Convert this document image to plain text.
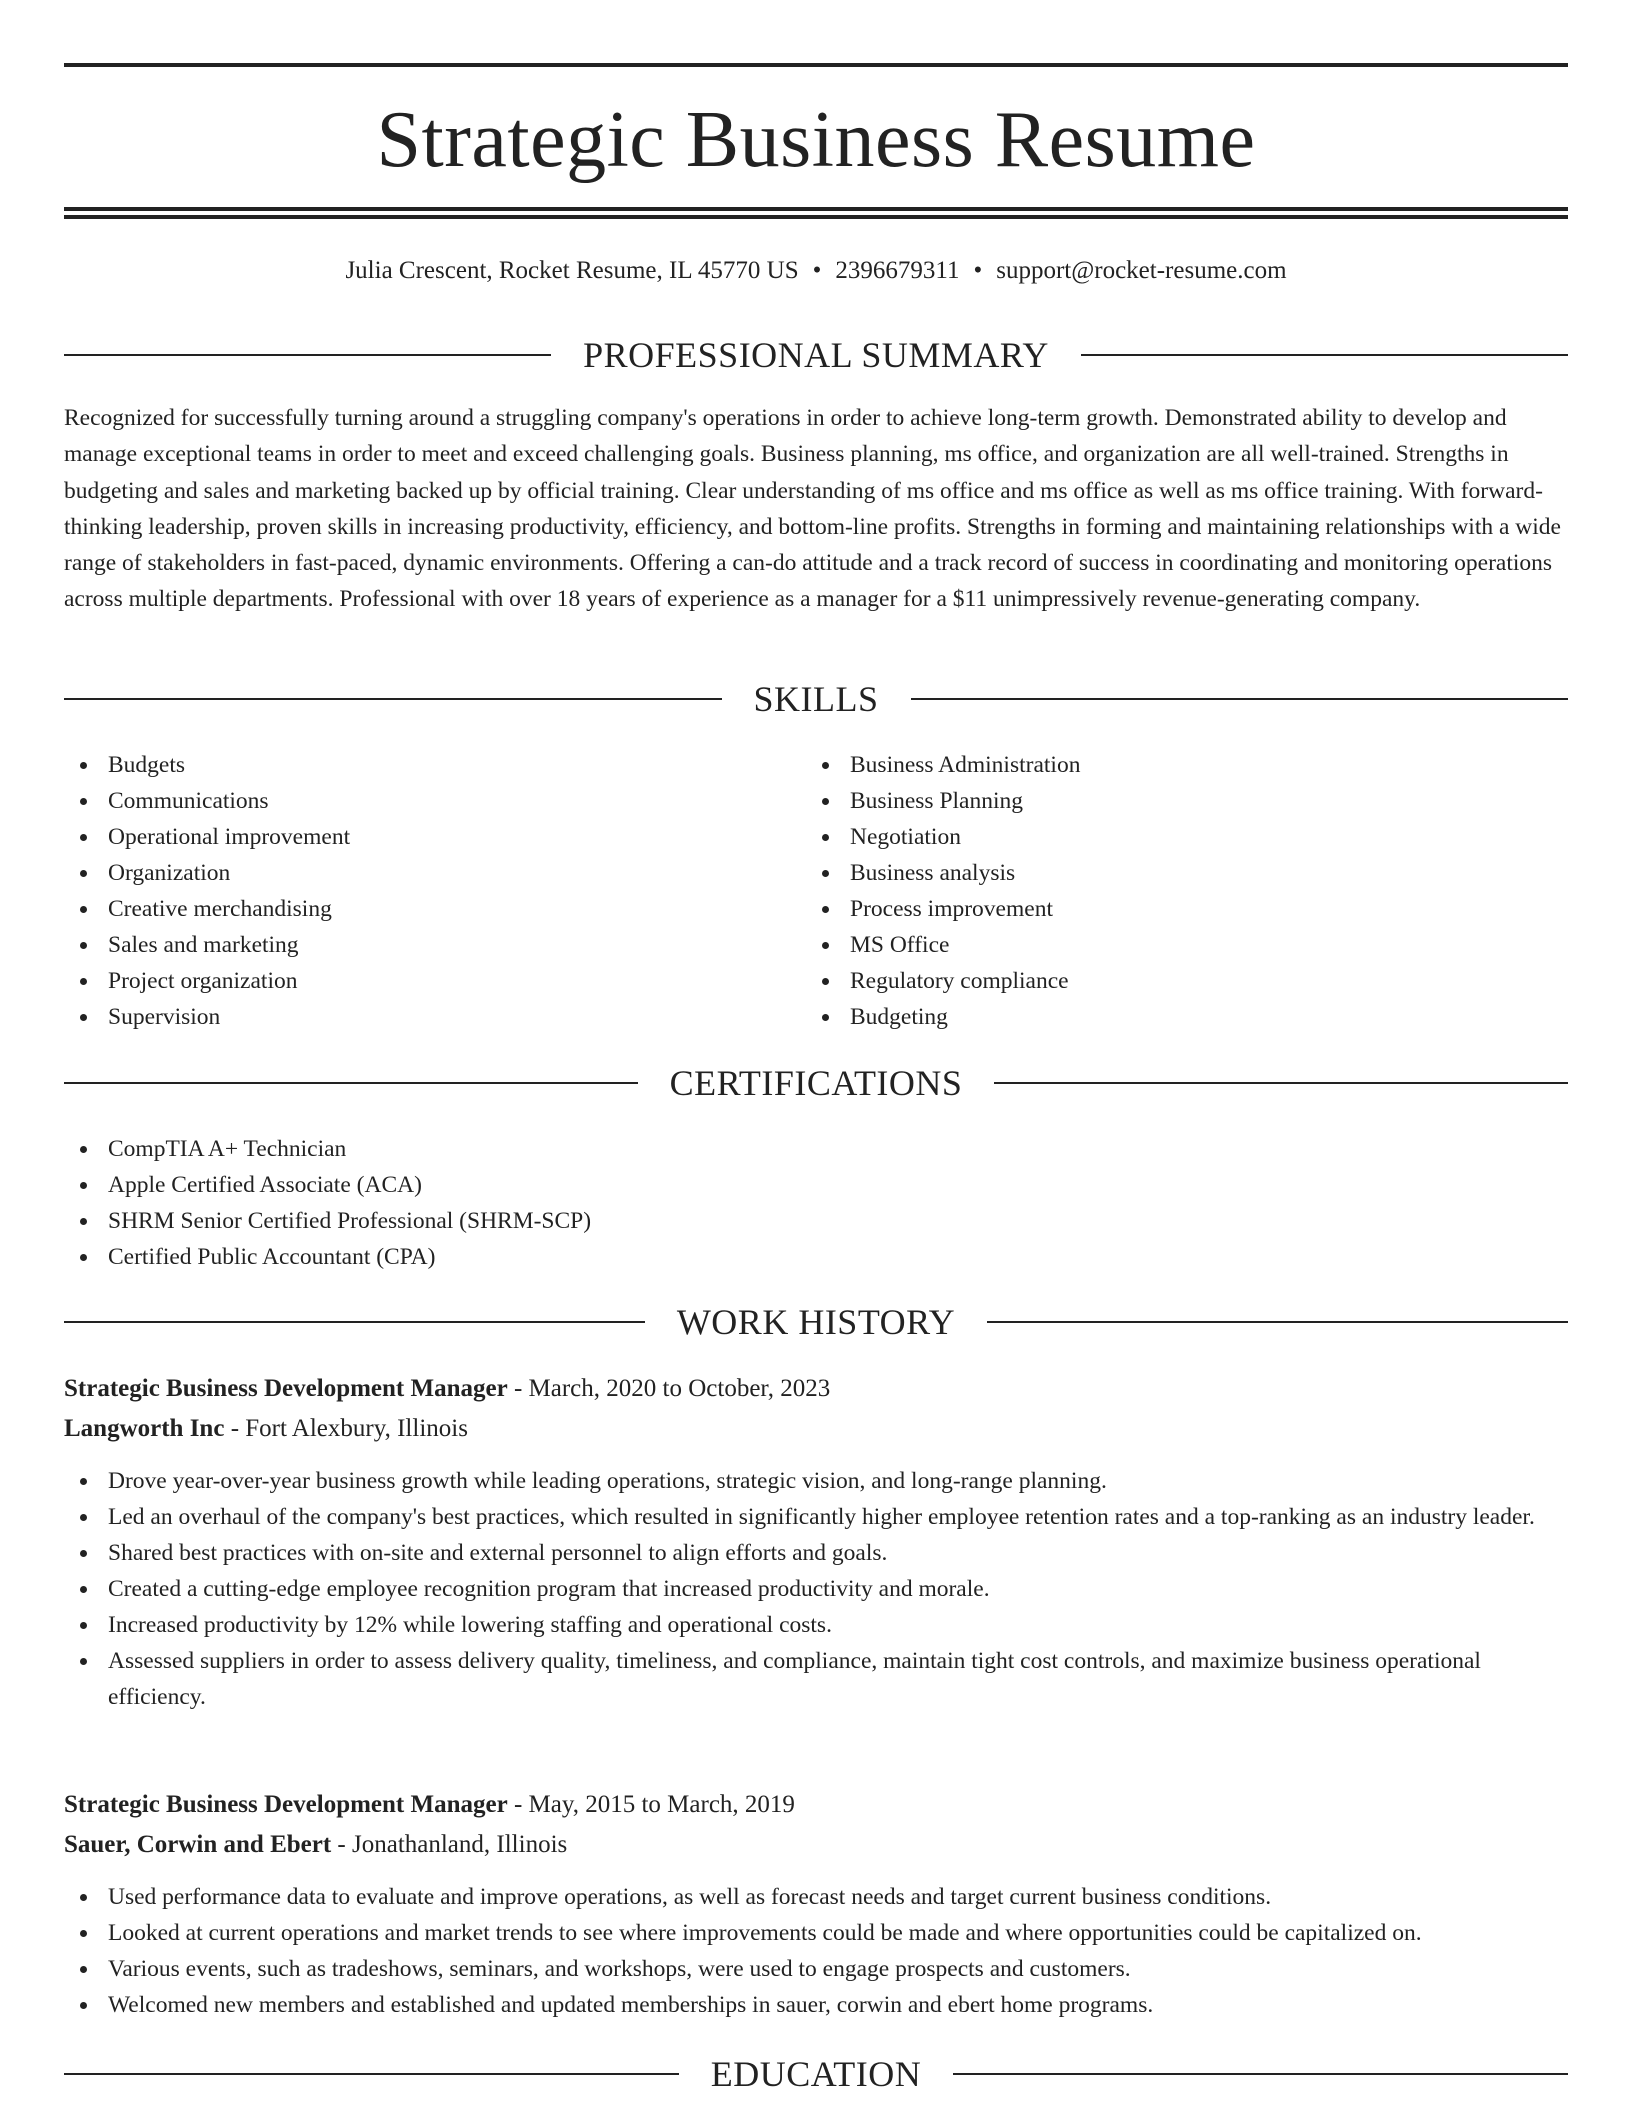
Strategic Business Resume
Julia Crescent, Rocket Resume, IL 45770 US • 2396679311 • support@rocket-resume.com
PROFESSIONAL SUMMARY

Recognized for successfully turning around a struggling company's operations in order to achieve long-term growth. Demonstrated ability to develop and manage exceptional teams in order to meet and exceed challenging goals. Business planning, ms office, and organization are all well-trained. Strengths in budgeting and sales and marketing backed up by official training. Clear understanding of ms office and ms office as well as ms office training. With forward-thinking leadership, proven skills in increasing productivity, efficiency, and bottom-line profits. Strengths in forming and maintaining relationships with a wide range of stakeholders in fast-paced, dynamic environments. Offering a can-do attitude and a track record of success in coordinating and monitoring operations across multiple departments. Professional with over 18 years of experience as a manager for a $11 unimpressively revenue-generating company.

SKILLS
Budgets
Communications
Operational improvement
Organization
Creative merchandising
Sales and marketing
Project organization
Supervision
Business Administration
Business Planning
Negotiation
Business analysis
Process improvement
MS Office
Regulatory compliance
Budgeting
CERTIFICATIONS
CompTIA A+ Technician
Apple Certified Associate (ACA)
SHRM Senior Certified Professional (SHRM-SCP)
Certified Public Accountant (CPA)
WORK HISTORY
Strategic Business Development Manager - March, 2020 to October, 2023
Langworth Inc - Fort Alexbury, Illinois
Drove year-over-year business growth while leading operations, strategic vision, and long-range planning.
Led an overhaul of the company's best practices, which resulted in significantly higher employee retention rates and a top-ranking as an industry leader.
Shared best practices with on-site and external personnel to align efforts and goals.
Created a cutting-edge employee recognition program that increased productivity and morale.
Increased productivity by 12% while lowering staffing and operational costs.
Assessed suppliers in order to assess delivery quality, timeliness, and compliance, maintain tight cost controls, and maximize business operational efficiency.
Strategic Business Development Manager - May, 2015 to March, 2019
Sauer, Corwin and Ebert - Jonathanland, Illinois
Used performance data to evaluate and improve operations, as well as forecast needs and target current business conditions.
Looked at current operations and market trends to see where improvements could be made and where opportunities could be capitalized on.
Various events, such as tradeshows, seminars, and workshops, were used to engage prospects and customers.
Welcomed new members and established and updated memberships in sauer, corwin and ebert home programs.
EDUCATION
